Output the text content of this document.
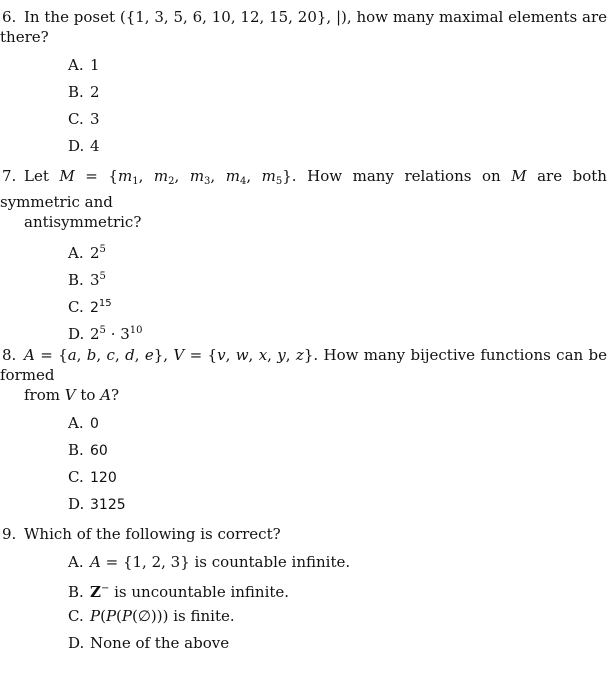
6. In the poset ({1, 3, 5, 6, 10, 12, 15, 20}, |), how many maximal elements are there?
A. 1
B. 2
C. 3
D. 4
7. Let $M = \{m_1$, $m_2$, $m_3$, $m_4$, $m_5$}. How many relations on M are both symmetric and
antisymmetric?
A. $2^5$
B. $3^5$
C. $2^{15}$
D. $2^5 \cdot 3^{10}$
8. A = {a, b, c, d, e}, V = {v, w, x, y, z}. How many bijective functions can be formed
from V to A?
A. 0
B. 60
C. 120
D. 3125
9. Which of the following is correct?
A. A = {1, 2, 3} is countable infinite.
B. Z− is uncountable infinite.
C. P(P(P(∅))) is finite.
D. None of the above
